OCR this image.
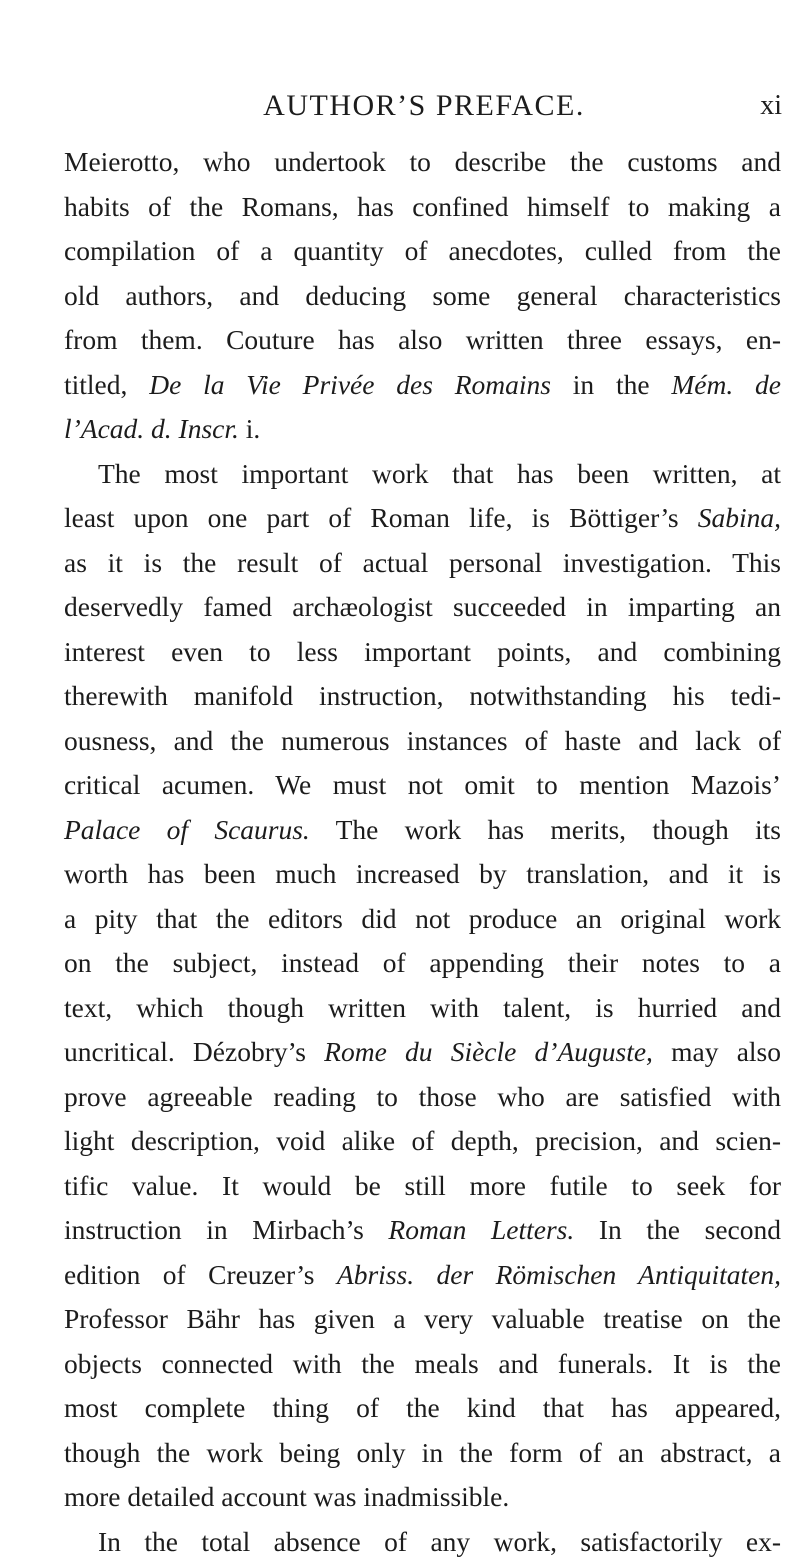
AUTHOR’S PREFACE.	xi
Meierotto, who undertook to describe the customs and
habits of the Romans, has confined himself to making a
compilation of a quantity of anecdotes, culled from the
old authors, and deducing some general characteristics
from them. Couture has also written three essays, en-
titled, De la Vie Privée des Romains in the Mém. de
l’Acad. d. Inscr. i.
The most important work that has been written, at
least upon one part of Roman life, is Böttiger’s Sabina,
as it is the result of actual personal investigation. This
deservedly famed archæologist succeeded in imparting an
interest even to less important points, and combining
therewith manifold instruction, notwithstanding his tedi-
ousness, and the numerous instances of haste and lack of
critical acumen. We must not omit to mention Mazois’
Palace of Scaurus. The work has merits, though its
worth has been much increased by translation, and it is
a pity that the editors did not produce an original work
on the subject, instead of appending their notes to a
text, which though written with talent, is hurried and
uncritical. Dézobry’s Rome du Siècle d’Auguste, may also
prove agreeable reading to those who are satisfied with
light description, void alike of depth, precision, and scien-
tific value. It would be still more futile to seek for
instruction in Mirbach’s Roman Letters. In the second
edition of Creuzer’s Abriss. der Römischen Antiquitaten,
Professor Bähr has given a very valuable treatise on the
objects connected with the meals and funerals. It is the
most complete thing of the kind that has appeared,
though the work being only in the form of an abstract, a
more detailed account was inadmissible.
In the total absence of any work, satisfactorily ex-
